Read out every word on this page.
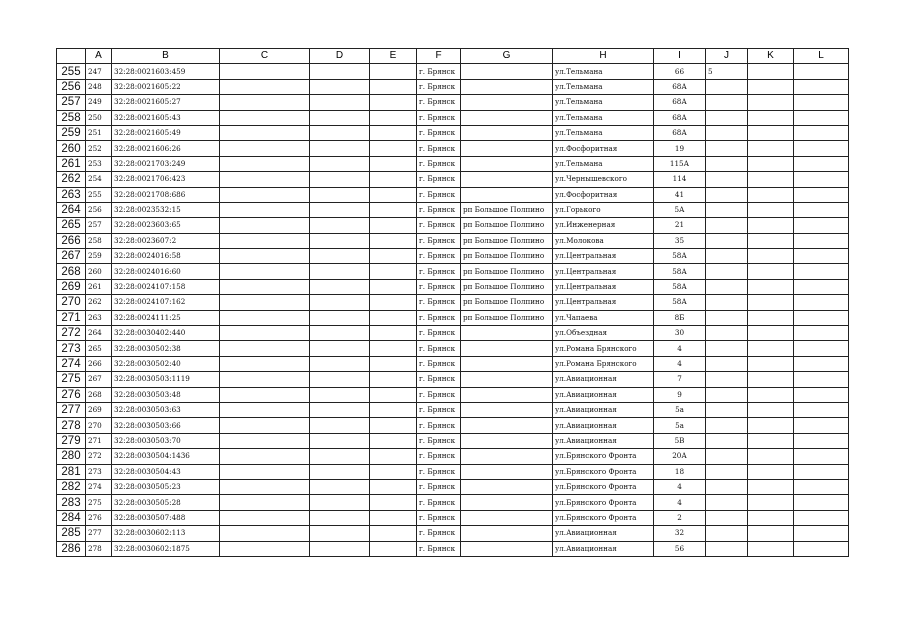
	A	B	C	D	E	F	G	H	I	J	K	L
255	247	32:28:0021603:459				г. Брянск		ул.Тельмана	66	5		
256	248	32:28:0021605:22				г. Брянск		ул.Тельмана	68А			
257	249	32:28:0021605:27				г. Брянск		ул.Тельмана	68А			
258	250	32:28:0021605:43				г. Брянск		ул.Тельмана	68А			
259	251	32:28:0021605:49				г. Брянск		ул.Тельмана	68А			
260	252	32:28:0021606:26				г. Брянск		ул.Фосфоритная	19			
261	253	32:28:0021703:249				г. Брянск		ул.Тельмана	115А			
262	254	32:28:0021706:423				г. Брянск		ул.Чернышевского	114			
263	255	32:28:0021708:686				г. Брянск		ул.Фосфоритная	41			
264	256	32:28:0023532:15				г. Брянск	рп Большое Полпино	ул.Горького	5А			
265	257	32:28:0023603:65				г. Брянск	рп Большое Полпино	ул.Инженерная	21			
266	258	32:28:0023607:2				г. Брянск	рп Большое Полпино	ул.Молокова	35			
267	259	32:28:0024016:58				г. Брянск	рп Большое Полпино	ул.Центральная	58А			
268	260	32:28:0024016:60				г. Брянск	рп Большое Полпино	ул.Центральная	58А			
269	261	32:28:0024107:158				г. Брянск	рп Большое Полпино	ул.Центральная	58А			
270	262	32:28:0024107:162				г. Брянск	рп Большое Полпино	ул.Центральная	58А			
271	263	32:28:0024111:25				г. Брянск	рп Большое Полпино	ул.Чапаева	8Б			
272	264	32:28:0030402:440				г. Брянск		ул.Объездная	30			
273	265	32:28:0030502:38				г. Брянск		ул.Романа Брянского	4			
274	266	32:28:0030502:40				г. Брянск		ул.Романа Брянского	4			
275	267	32:28:0030503:1119				г. Брянск		ул.Авиационная	7			
276	268	32:28:0030503:48				г. Брянск		ул.Авиационная	9			
277	269	32:28:0030503:63				г. Брянск		ул.Авиационная	5а			
278	270	32:28:0030503:66				г. Брянск		ул.Авиационная	5а			
279	271	32:28:0030503:70				г. Брянск		ул.Авиационная	5В			
280	272	32:28:0030504:1436				г. Брянск		ул.Брянского Фронта	20А			
281	273	32:28:0030504:43				г. Брянск		ул.Брянского Фронта	18			
282	274	32:28:0030505:23				г. Брянск		ул.Брянского Фронта	4			
283	275	32:28:0030505:28				г. Брянск		ул.Брянского Фронта	4			
284	276	32:28:0030507:488				г. Брянск		ул.Брянского Фронта	2			
285	277	32:28:0030602:113				г. Брянск		ул.Авиационная	32			
286	278	32:28:0030602:1875				г. Брянск		ул.Авиационная	56			
